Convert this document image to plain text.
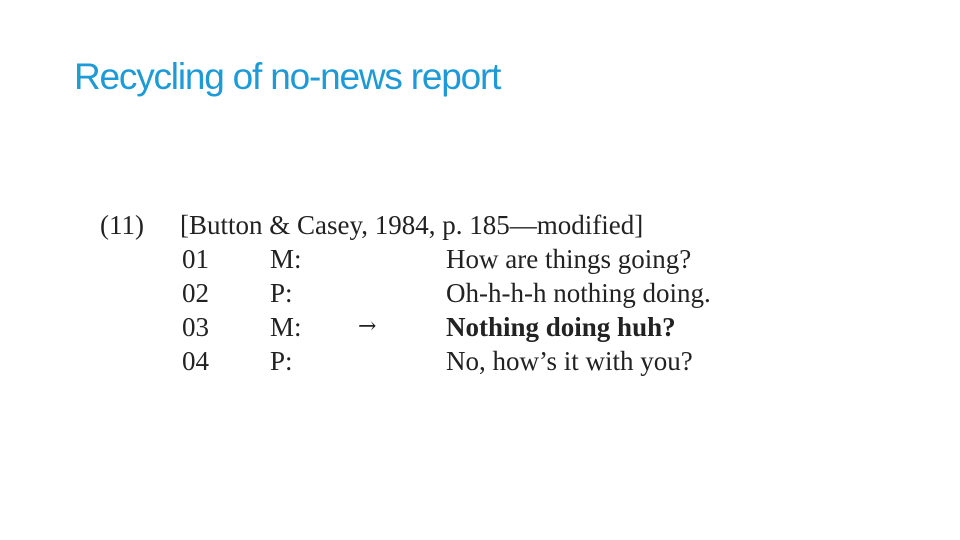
Recycling of no-news report
(11) [Button & Casey, 1984, p. 185—modified]
01 M:	How are things going?
02 P:	Oh-h-h-h nothing doing.
03 M:	→	Nothing doing huh?
04 P:	No, how’s it with you?
